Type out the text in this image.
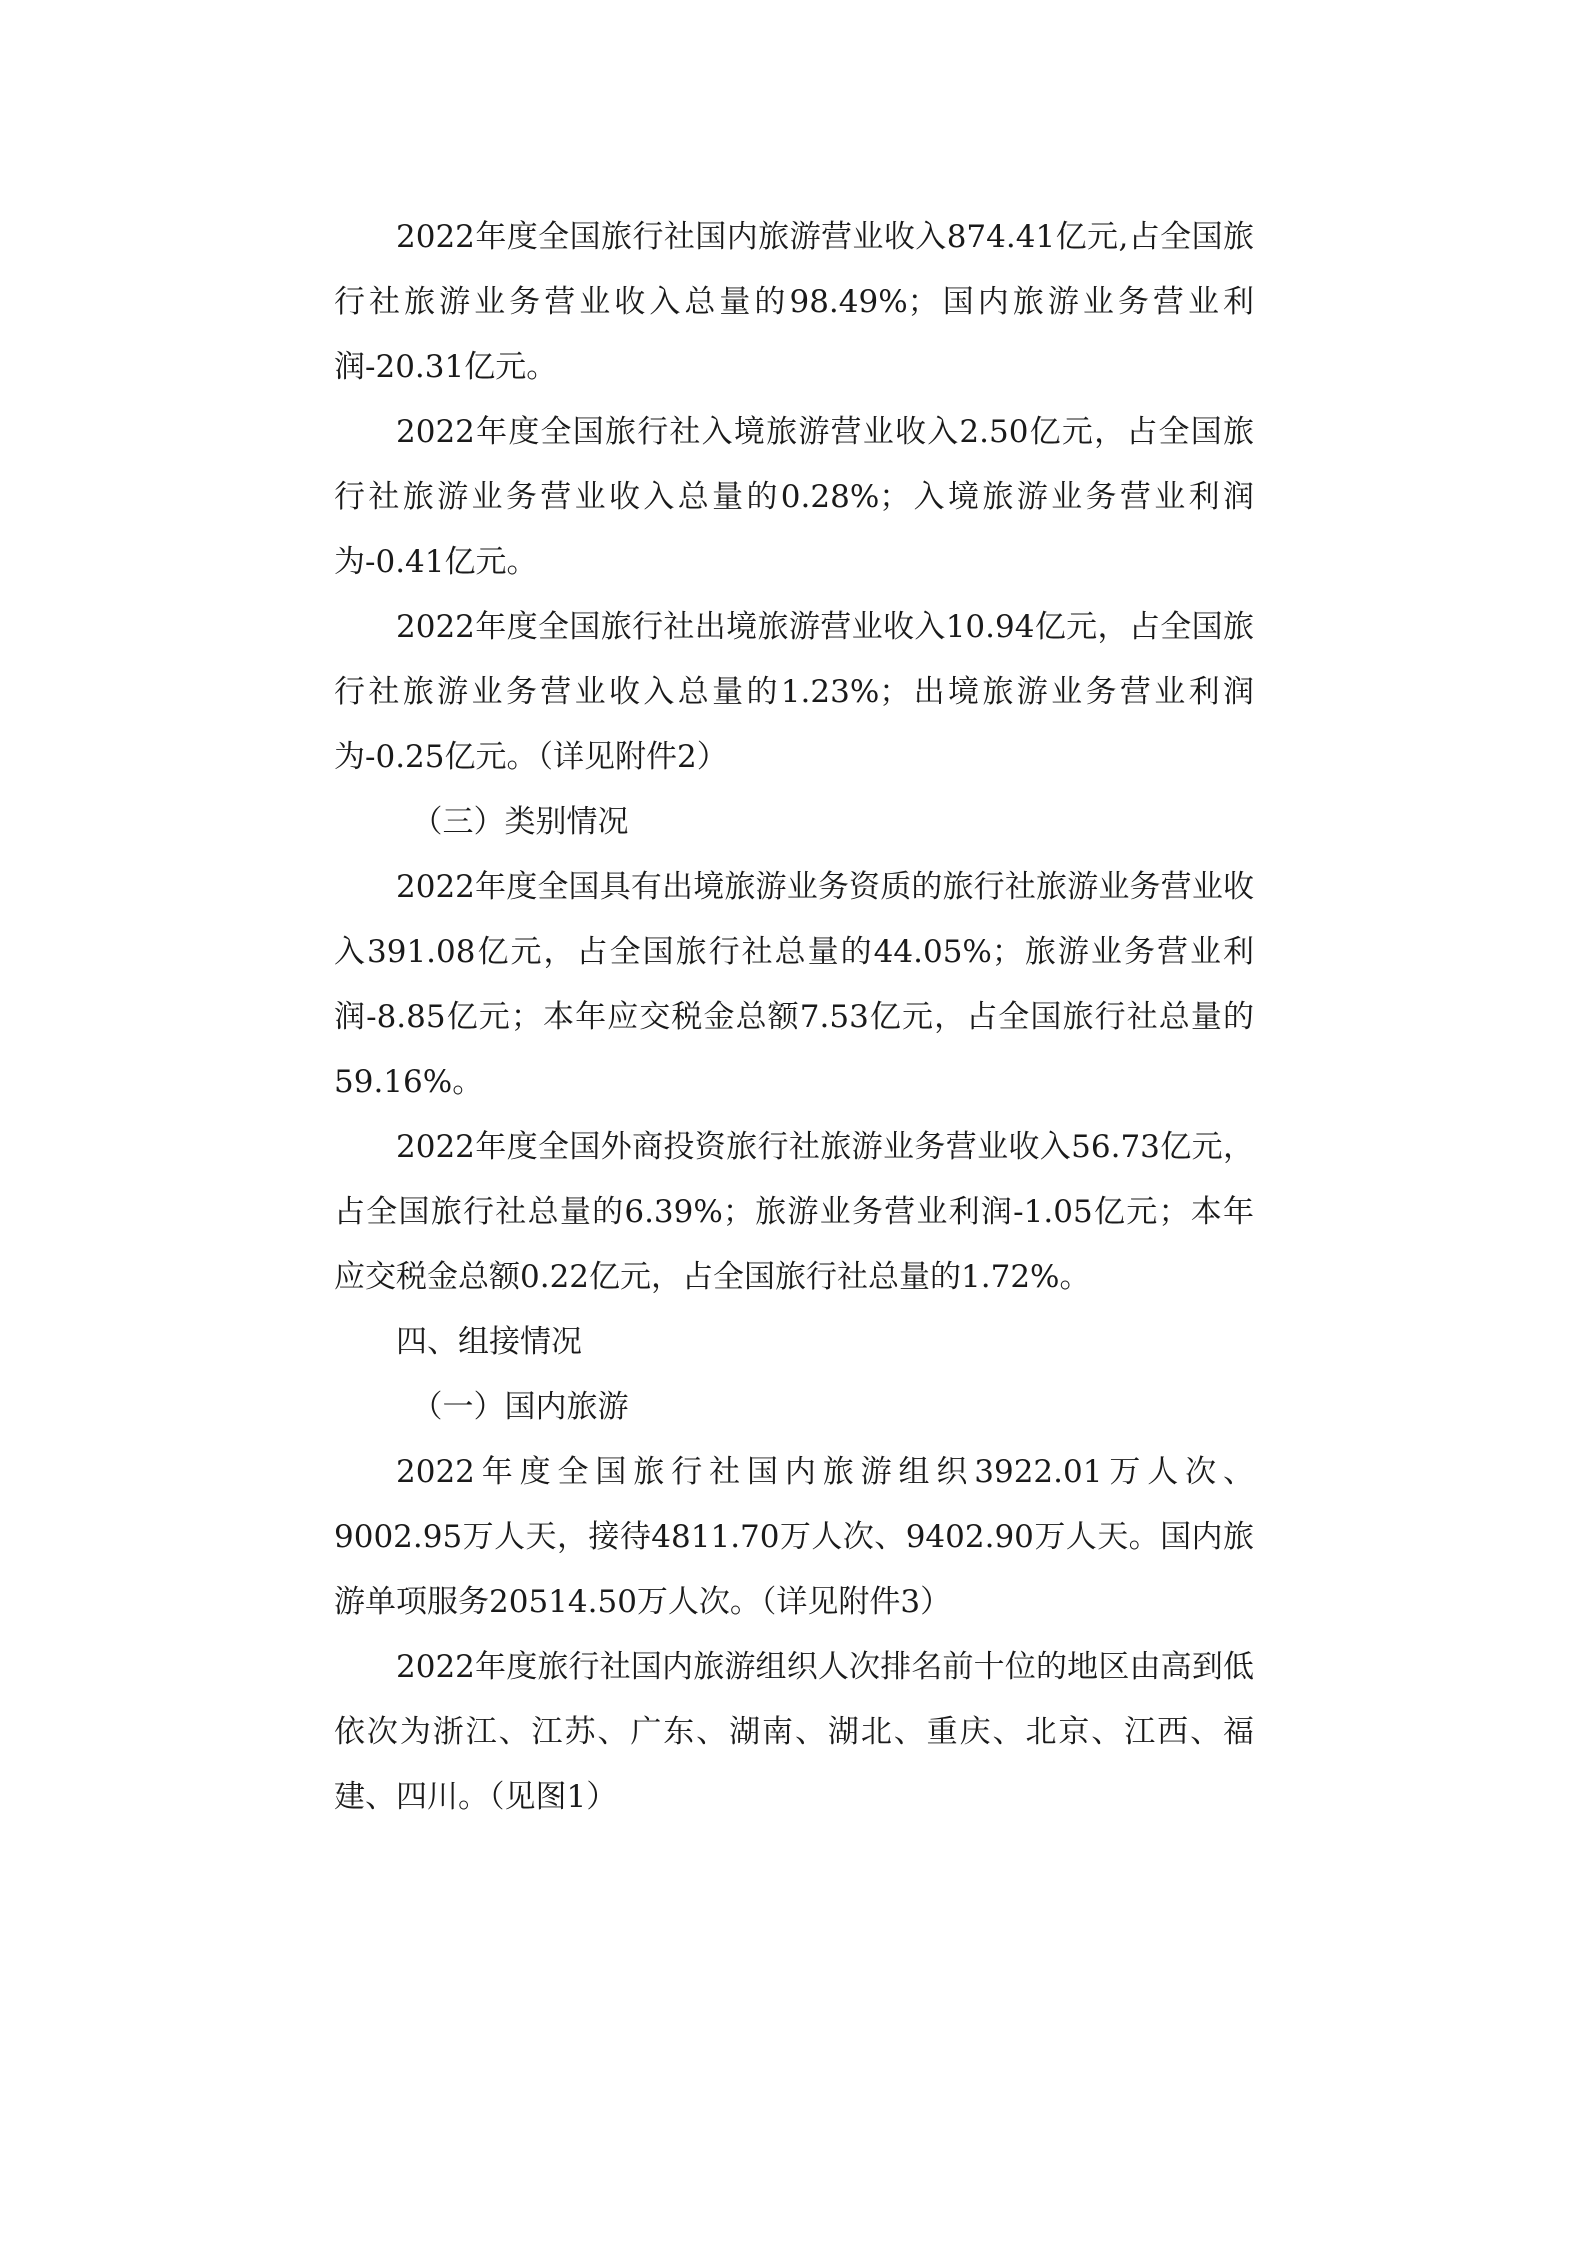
2022年度全国旅行社国内旅游营业收入874.41亿元,占全国旅行社旅游业务营业收入总量的98.49%；国内旅游业务营业利润-20.31亿元。

2022年度全国旅行社入境旅游营业收入2.50亿元，占全国旅行社旅游业务营业收入总量的0.28%；入境旅游业务营业利润为-0.41亿元。

2022年度全国旅行社出境旅游营业收入10.94亿元，占全国旅行社旅游业务营业收入总量的1.23%；出境旅游业务营业利润为-0.25亿元。（详见附件2）

（三）类别情况

2022年度全国具有出境旅游业务资质的旅行社旅游业务营业收入391.08亿元，占全国旅行社总量的44.05%；旅游业务营业利润-8.85亿元；本年应交税金总额7.53亿元，占全国旅行社总量的59.16%。

2022年度全国外商投资旅行社旅游业务营业收入56.73亿元，占全国旅行社总量的6.39%；旅游业务营业利润-1.05亿元；本年应交税金总额0.22亿元，占全国旅行社总量的1.72%。

四、组接情况

（一）国内旅游

2022年度全国旅行社国内旅游组织3922.01万人次、9002.95万人天，接待4811.70万人次、9402.90万人天。国内旅游单项服务20514.50万人次。（详见附件3）

2022年度旅行社国内旅游组织人次排名前十位的地区由高到低依次为浙江、江苏、广东、湖南、湖北、重庆、北京、江西、福建、四川。（见图1）
